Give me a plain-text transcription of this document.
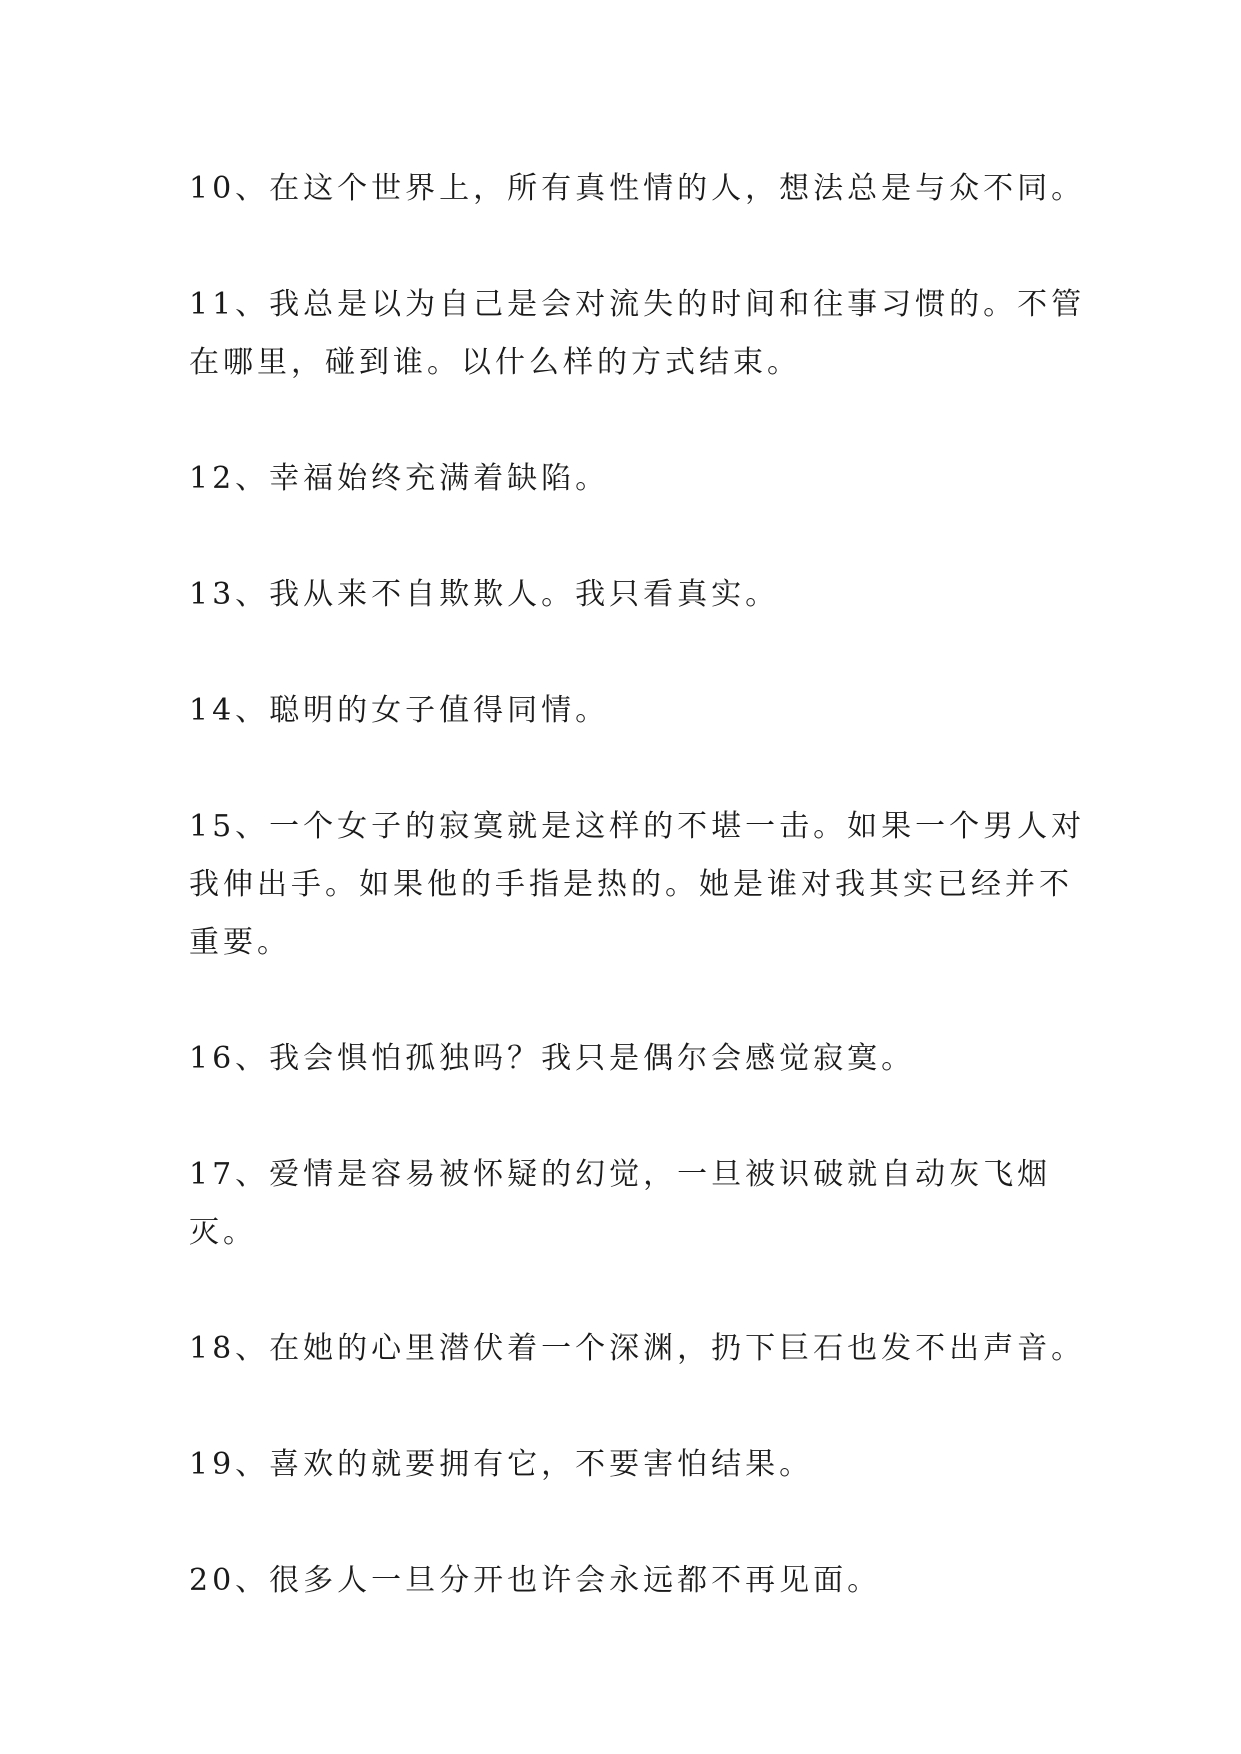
10、在这个世界上，所有真性情的人，想法总是与众不同。

11、我总是以为自己是会对流失的时间和往事习惯的。不管在哪里，碰到谁。以什么样的方式结束。

12、幸福始终充满着缺陷。

13、我从来不自欺欺人。我只看真实。

14、聪明的女子值得同情。

15、一个女子的寂寞就是这样的不堪一击。如果一个男人对我伸出手。如果他的手指是热的。她是谁对我其实已经并不重要。

16、我会惧怕孤独吗？我只是偶尔会感觉寂寞。

17、爱情是容易被怀疑的幻觉，一旦被识破就自动灰飞烟灭。

18、在她的心里潜伏着一个深渊，扔下巨石也发不出声音。

19、喜欢的就要拥有它，不要害怕结果。

20、很多人一旦分开也许会永远都不再见面。
